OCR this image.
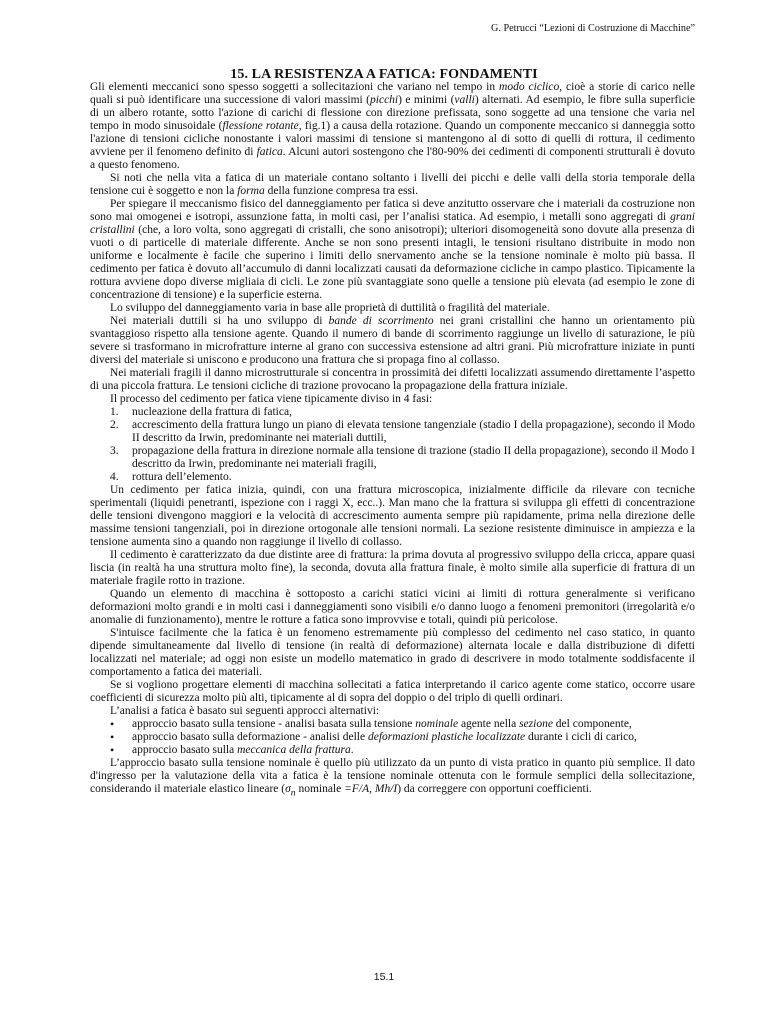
G. Petrucci “Lezioni di Costruzione di Macchine”
15. LA RESISTENZA A FATICA: FONDAMENTI

Gli elementi meccanici sono spesso soggetti a sollecitazioni che variano nel tempo in modo ciclico, cioè a storie di carico nelle quali si può identificare una successione di valori massimi (picchi) e minimi (valli) alternati. Ad esempio, le fibre sulla superficie di un albero rotante, sotto l'azione di carichi di flessione con direzione prefissata, sono soggette ad una tensione che varia nel tempo in modo sinusoidale (flessione rotante, fig.1) a causa della rotazione. Quando un componente meccanico si danneggia sotto l'azione di tensioni cicliche nonostante i valori massimi di tensione si mantengono al di sotto di quelli di rottura, il cedimento avviene per il fenomeno definito di fatica. Alcuni autori sostengono che l'80-90% dei cedimenti di componenti strutturali è dovuto a questo fenomeno.

Si noti che nella vita a fatica di un materiale contano soltanto i livelli dei picchi e delle valli della storia temporale della tensione cui è soggetto e non la forma della funzione compresa tra essi.

Per spiegare il meccanismo fisico del danneggiamento per fatica si deve anzitutto osservare che i materiali da costruzione non sono mai omogenei e isotropi, assunzione fatta, in molti casi, per l’analisi statica. Ad esempio, i metalli sono aggregati di grani cristallini (che, a loro volta, sono aggregati di cristalli, che sono anisotropi); ulteriori disomogeneità sono dovute alla presenza di vuoti o di particelle di materiale differente. Anche se non sono presenti intagli, le tensioni risultano distribuite in modo non uniforme e localmente è facile che superino i limiti dello snervamento anche se la tensione nominale è molto più bassa. Il cedimento per fatica è dovuto all’accumulo di danni localizzati causati da deformazione cicliche in campo plastico. Tipicamente la rottura avviene dopo diverse migliaia di cicli. Le zone più svantaggiate sono quelle a tensione più elevata (ad esempio le zone di concentrazione di tensione) e la superficie esterna.

Lo sviluppo del danneggiamento varia in base alle proprietà di duttilità o fragilità del materiale.

Nei materiali duttili si ha uno sviluppo di bande di scorrimento nei grani cristallini che hanno un orientamento più svantaggioso rispetto alla tensione agente. Quando il numero di bande di scorrimento raggiunge un livello di saturazione, le più severe si trasformano in microfratture interne al grano con successiva estensione ad altri grani. Più microfratture iniziate in punti diversi del materiale si uniscono e producono una frattura che si propaga fino al collasso.

Nei materiali fragili il danno microstrutturale si concentra in prossimità dei difetti localizzati assumendo direttamente l’aspetto di una piccola frattura. Le tensioni cicliche di trazione provocano la propagazione della frattura iniziale.

Il processo del cedimento per fatica viene tipicamente diviso in 4 fasi:

1.	nucleazione della frattura di fatica,
2.	accrescimento della frattura lungo un piano di elevata tensione tangenziale (stadio I della propagazione), secondo il Modo II descritto da Irwin, predominante nei materiali duttili,
3.	propagazione della frattura in direzione normale alla tensione di trazione (stadio II della propagazione), secondo il Modo I descritto da Irwin, predominante nei materiali fragili,
4.	rottura dell’elemento.

Un cedimento per fatica inizia, quindi, con una frattura microscopica, inizialmente difficile da rilevare con tecniche sperimentali (liquidi penetranti, ispezione con i raggi X, ecc..). Man mano che la frattura si sviluppa gli effetti di concentrazione delle tensioni divengono maggiori e la velocità di accrescimento aumenta sempre più rapidamente, prima nella direzione delle massime tensioni tangenziali, poi in direzione ortogonale alle tensioni normali. La sezione resistente diminuisce in ampiezza e la tensione aumenta sino a quando non raggiunge il livello di collasso.

Il cedimento è caratterizzato da due distinte aree di frattura: la prima dovuta al progressivo sviluppo della cricca, appare quasi liscia (in realtà ha una struttura molto fine), la seconda, dovuta alla frattura finale, è molto simile alla superficie di frattura di un materiale fragile rotto in trazione.

Quando un elemento di macchina è sottoposto a carichi statici vicini ai limiti di rottura generalmente si verificano deformazioni molto grandi e in molti casi i danneggiamenti sono visibili e/o danno luogo a fenomeni premonitori (irregolarità e/o anomalie di funzionamento), mentre le rotture a fatica sono improvvise e totali, quindi più pericolose.

S'intuisce facilmente che la fatica è un fenomeno estremamente più complesso del cedimento nel caso statico, in quanto dipende simultaneamente dal livello di tensione (in realtà di deformazione) alternata locale e dalla distribuzione di difetti localizzati nel materiale; ad oggi non esiste un modello matematico in grado di descrivere in modo totalmente soddisfacente il comportamento a fatica dei materiali.

Se si vogliono progettare elementi di macchina sollecitati a fatica interpretando il carico agente come statico, occorre usare coefficienti di sicurezza molto più alti, tipicamente al di sopra del doppio o del triplo di quelli ordinari.

L’analisi a fatica è basato sui seguenti approcci alternativi:

• approccio basato sulla tensione - analisi basata sulla tensione nominale agente nella sezione del componente,
• approccio basato sulla deformazione - analisi delle deformazioni plastiche localizzate durante i cicli di carico,
• approccio basato sulla meccanica della frattura.

L’approccio basato sulla tensione nominale è quello più utilizzato da un punto di vista pratico in quanto più semplice. Il dato d'ingresso per la valutazione della vita a fatica è la tensione nominale ottenuta con le formule semplici della sollecitazione, considerando il materiale elastico lineare ($\sigma_n$ nominale =F/A, Mh/I) da correggere con opportuni coefficienti.

15.1
